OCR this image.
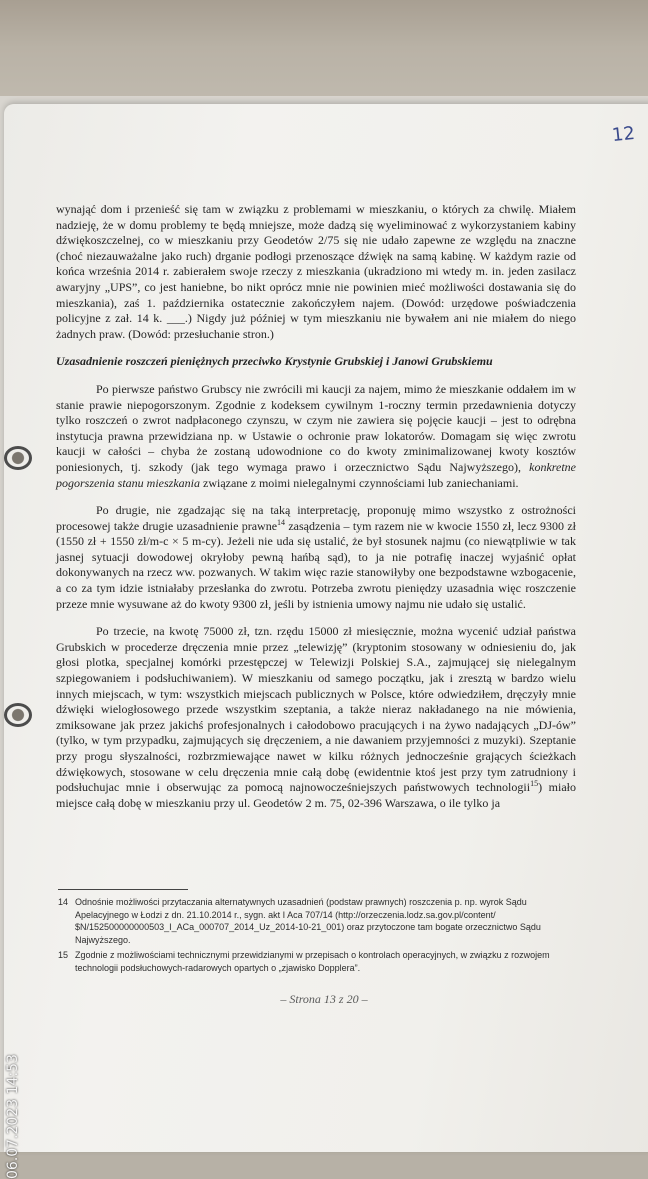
12

wynająć dom i przenieść się tam w związku z problemami w mieszkaniu, o których za chwilę. Miałem nadzieję, że w domu problemy te będą mniejsze, może dadzą się wyeliminować z wykorzystaniem kabiny dźwiękoszczelnej, co w mieszkaniu przy Geodetów 2/75 się nie udało zapewne ze względu na znaczne (choć niezauważalne jako ruch) drganie podłogi przenoszące dźwięk na samą kabinę. W każdym razie od końca września 2014 r. zabierałem swoje rzeczy z mieszkania (ukradziono mi wtedy m. in. jeden zasilacz awaryjny „UPS”, co jest haniebne, bo nikt oprócz mnie nie powinien mieć możliwości dostawania się do mieszkania), zaś 1. października ostatecznie zakończyłem najem. (Dowód: urzędowe poświadczenia policyjne z zał. 14 k. ___.) Nigdy już później w tym mieszkaniu nie bywałem ani nie miałem do niego żadnych praw. (Dowód: przesłuchanie stron.)

Uzasadnienie roszczeń pieniężnych przeciwko Krystynie Grubskiej i Janowi Grubskiemu

Po pierwsze państwo Grubscy nie zwrócili mi kaucji za najem, mimo że mieszkanie oddałem im w stanie prawie niepogorszonym. Zgodnie z kodeksem cywilnym 1-roczny termin przedawnienia dotyczy tylko roszczeń o zwrot nadpłaconego czynszu, w czym nie zawiera się pojęcie kaucji – jest to odrębna instytucja prawna przewidziana np. w Ustawie o ochronie praw lokatorów. Domagam się więc zwrotu kaucji w całości – chyba że zostaną udowodnione co do kwoty zminimalizowanej kwoty kosztów poniesionych, tj. szkody (jak tego wymaga prawo i orzecznictwo Sądu Najwyższego), konkretne pogorszenia stanu mieszkania związane z moimi nielegalnymi czynnościami lub zaniechaniami.

Po drugie, nie zgadzając się na taką interpretację, proponuję mimo wszystko z ostrożności procesowej także drugie uzasadnienie prawne$^{14}$ zasądzenia – tym razem nie w kwocie 1550 zł, lecz 9300 zł (1550 zł + 1550 zł/m-c × 5 m-cy). Jeżeli nie uda się ustalić, że był stosunek najmu (co niewątpliwie w tak jasnej sytuacji dowodowej okryłoby pewną hańbą sąd), to ja nie potrafię inaczej wyjaśnić opłat dokonywanych na rzecz ww. pozwanych. W takim więc razie stanowiłyby one bezpodstawne wzbogacenie, a co za tym idzie istniałaby przesłanka do zwrotu. Potrzeba zwrotu pieniędzy uzasadnia więc roszczenie przeze mnie wysuwane aż do kwoty 9300 zł, jeśli by istnienia umowy najmu nie udało się ustalić.

Po trzecie, na kwotę 75000 zł, tzn. rzędu 15000 zł miesięcznie, można wycenić udział państwa Grubskich w procederze dręczenia mnie przez „telewizję” (kryptonim stosowany w odniesieniu do, jak głosi plotka, specjalnej komórki przestępczej w Telewizji Polskiej S.A., zajmującej się nielegalnym szpiegowaniem i podsłuchiwaniem). W mieszkaniu od samego początku, jak i zresztą w bardzo wielu innych miejscach, w tym: wszystkich miejscach publicznych w Polsce, które odwiedziłem, dręczyły mnie dźwięki wielogłosowego przede wszystkim szeptania, a także nieraz nakładanego na nie mówienia, zmiksowane jak przez jakichś profesjonalnych i całodobowo pracujących i na żywo nadających „DJ-ów” (tylko, w tym przypadku, zajmujących się dręczeniem, a nie dawaniem przyjemności z muzyki). Szeptanie przy progu słyszalności, rozbrzmiewające nawet w kilku różnych jednocześnie grających ścieżkach dźwiękowych, stosowane w celu dręczenia mnie całą dobę (ewidentnie ktoś jest przy tym zatrudniony i podsłuchujac mnie i obserwując za pomocą najnowocześniejszych państwowych technologii$^{15}$) miało miejsce całą dobę w mieszkaniu przy ul. Geodetów 2 m. 75, 02-396 Warszawa, o ile tylko ja

14 Odnośnie możliwości przytaczania alternatywnych uzasadnień (podstaw prawnych) roszczenia p. np. wyrok Sądu Apelacyjnego w Łodzi z dn. 21.10.2014 r., sygn. akt I Aca 707/14 (http://orzeczenia.lodz.sa.gov.pl/content/ $N/152500000000503_I_ACa_000707_2014_Uz_2014-10-21_001) oraz przytoczone tam bogate orzecznictwo Sądu Najwyższego.
15 Zgodnie z możliwościami technicznymi przewidzianymi w przepisach o kontrolach operacyjnych, w związku z rozwojem technologii podsłuchowych-radarowych opartych o „zjawisko Dopplera”.
– Strona 13 z 20 –
06.07.2023 14:53
